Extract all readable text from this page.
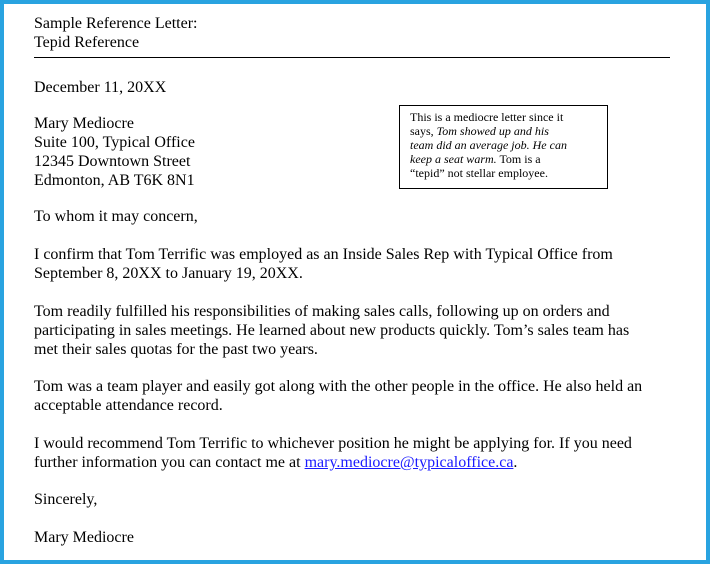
Sample Reference Letter:
Tepid Reference
December 11, 20XX
Mary Mediocre
Suite 100, Typical Office
12345 Downtown Street
Edmonton, AB T6K 8N1
This is a mediocre letter since it
says, Tom showed up and his
team did an average job. He can
keep a seat warm. Tom is a
“tepid” not stellar employee.
To whom it may concern,
I confirm that Tom Terrific was employed as an Inside Sales Rep with Typical Office from
September 8, 20XX to January 19, 20XX.
Tom readily fulfilled his responsibilities of making sales calls, following up on orders and
participating in sales meetings. He learned about new products quickly. Tom’s sales team has
met their sales quotas for the past two years.
Tom was a team player and easily got along with the other people in the office. He also held an
acceptable attendance record.
I would recommend Tom Terrific to whichever position he might be applying for. If you need
further information you can contact me at mary.mediocre@typicaloffice.ca.
Sincerely,
Mary Mediocre
